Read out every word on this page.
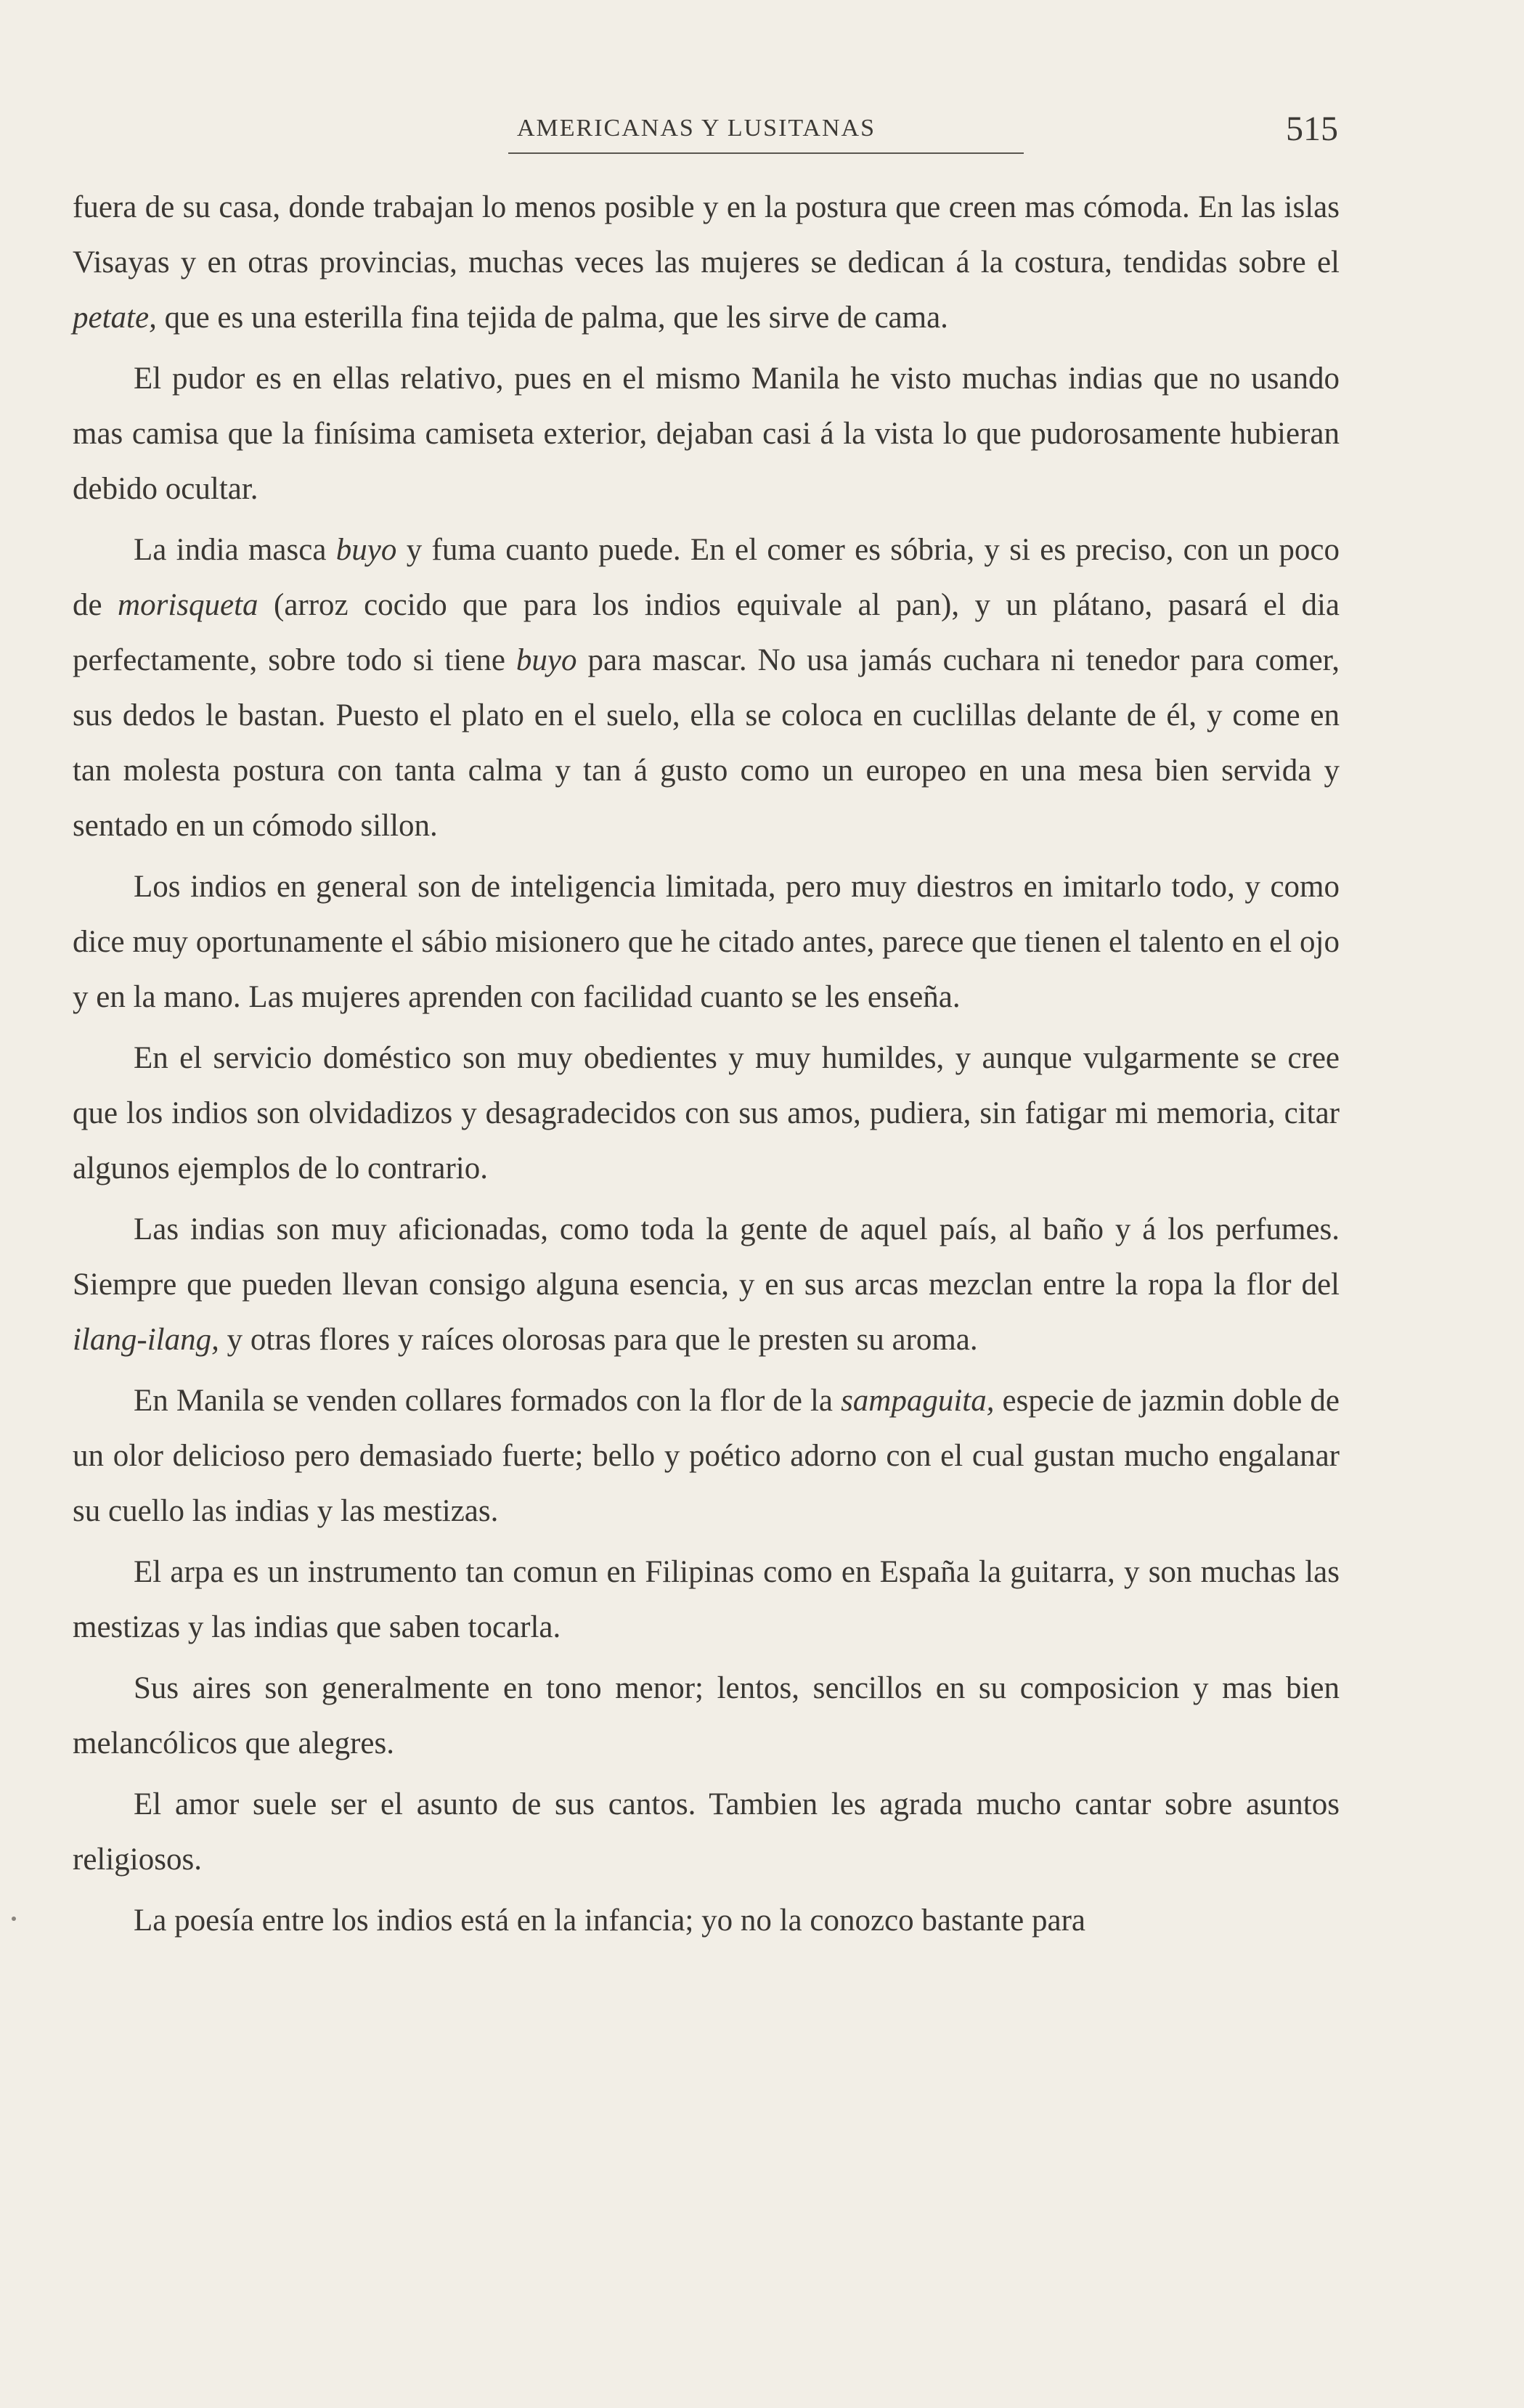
AMERICANAS Y LUSITANAS	515

fuera de su casa, donde trabajan lo menos posible y en la postura que creen mas cómoda. En las islas Visayas y en otras provincias, muchas veces las mujeres se dedican á la costura, tendidas sobre el petate, que es una esterilla fina tejida de palma, que les sirve de cama.

El pudor es en ellas relativo, pues en el mismo Manila he visto muchas indias que no usando mas camisa que la finísima camiseta exterior, dejaban casi á la vista lo que pudorosamente hubieran debido ocultar.

La india masca buyo y fuma cuanto puede. En el comer es sóbria, y si es preciso, con un poco de morisqueta (arroz cocido que para los indios equivale al pan), y un plátano, pasará el dia perfectamente, sobre todo si tiene buyo para mascar. No usa jamás cuchara ni tenedor para comer, sus dedos le bastan. Puesto el plato en el suelo, ella se coloca en cuclillas delante de él, y come en tan molesta postura con tanta calma y tan á gusto como un europeo en una mesa bien servida y sentado en un cómodo sillon.

Los indios en general son de inteligencia limitada, pero muy diestros en imitarlo todo, y como dice muy oportunamente el sábio misionero que he citado antes, parece que tienen el talento en el ojo y en la mano. Las mujeres aprenden con facilidad cuanto se les enseña.

En el servicio doméstico son muy obedientes y muy humildes, y aunque vulgarmente se cree que los indios son olvidadizos y desagradecidos con sus amos, pudiera, sin fatigar mi memoria, citar algunos ejemplos de lo contrario.

Las indias son muy aficionadas, como toda la gente de aquel país, al baño y á los perfumes. Siempre que pueden llevan consigo alguna esencia, y en sus arcas mezclan entre la ropa la flor del ilang-ilang, y otras flores y raíces olorosas para que le presten su aroma.

En Manila se venden collares formados con la flor de la sampaguita, especie de jazmin doble de un olor delicioso pero demasiado fuerte; bello y poético adorno con el cual gustan mucho engalanar su cuello las indias y las mestizas.

El arpa es un instrumento tan comun en Filipinas como en España la guitarra, y son muchas las mestizas y las indias que saben tocarla.

Sus aires son generalmente en tono menor; lentos, sencillos en su composicion y mas bien melancólicos que alegres.

El amor suele ser el asunto de sus cantos. Tambien les agrada mucho cantar sobre asuntos religiosos.

La poesía entre los indios está en la infancia; yo no la conozco bastante para
